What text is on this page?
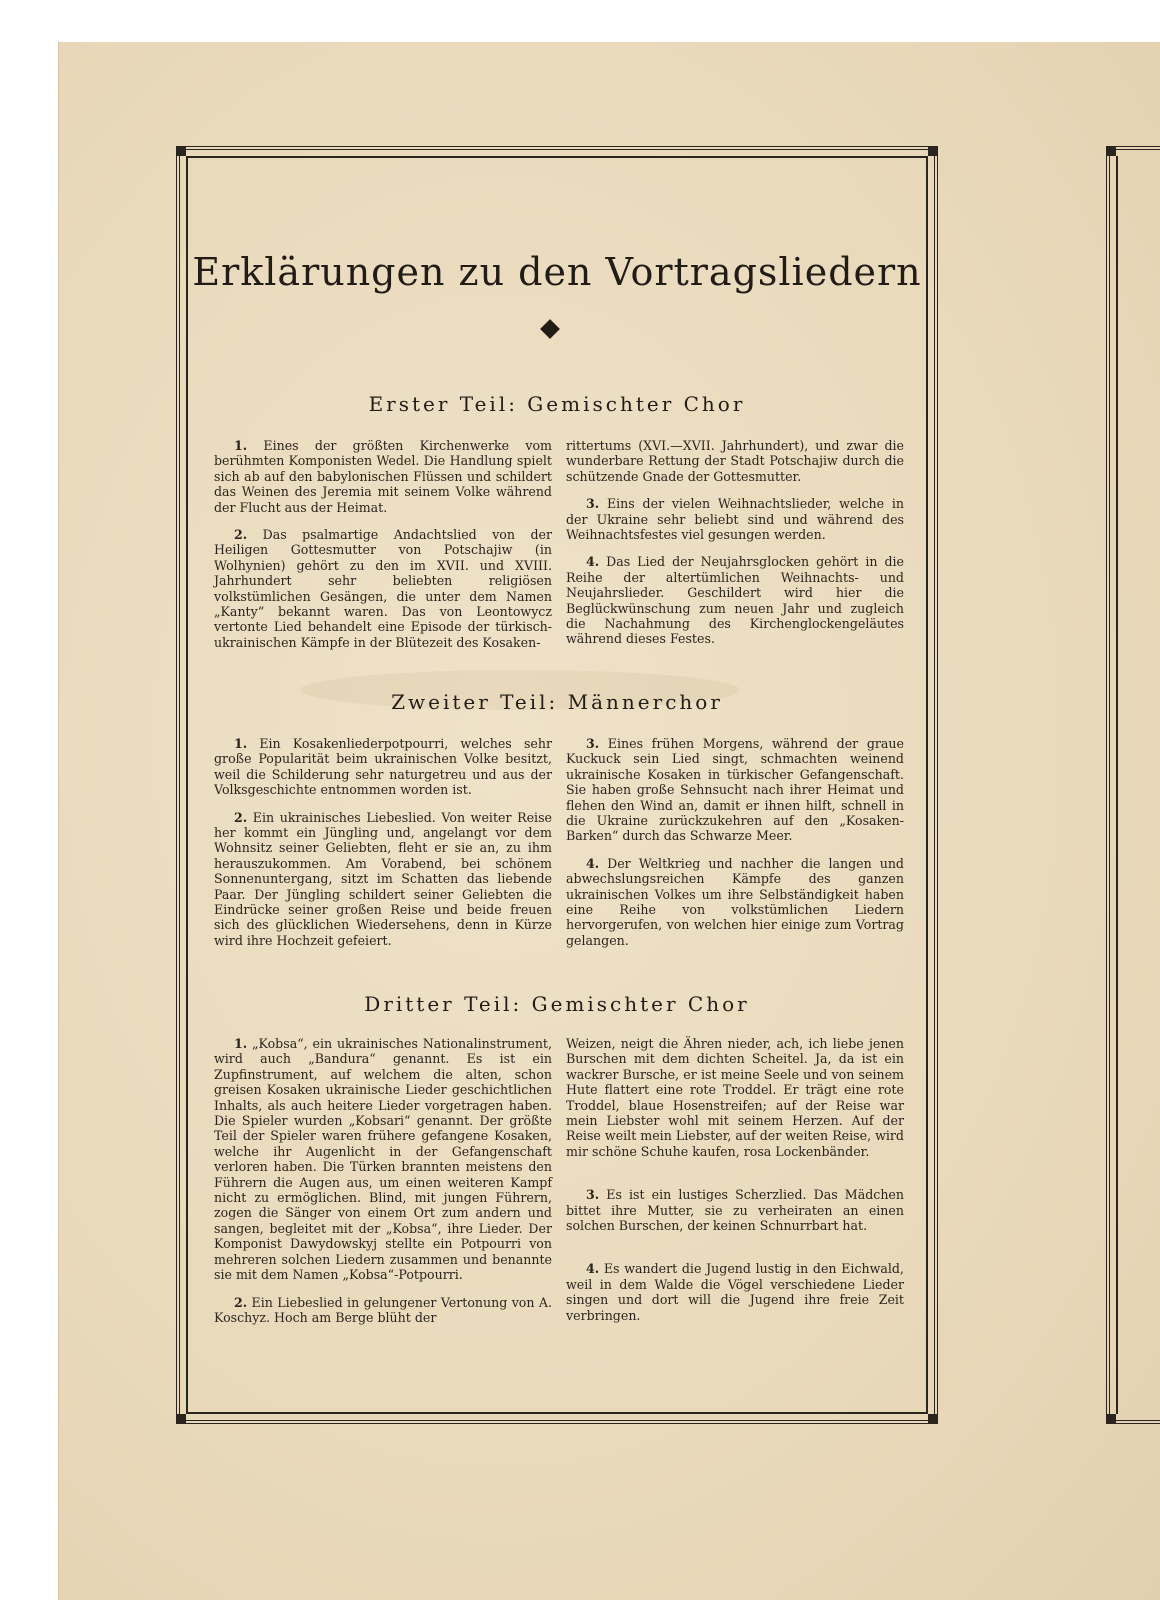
Erklärungen zu den Vortragsliedern
Erster Teil: Gemischter Chor

1. Eines der größten Kirchenwerke vom berühmten Komponisten Wedel. Die Handlung spielt sich ab auf den babylonischen Flüssen und schildert das Weinen des Jeremia mit seinem Volke während der Flucht aus der Heimat.

2. Das psalmartige Andachtslied von der Heiligen Gottesmutter von Potschajiw (in Wolhynien) gehört zu den im XVII. und XVIII. Jahrhundert sehr beliebten religiösen volkstümlichen Gesängen, die unter dem Namen „Kanty“ bekannt waren. Das von Leontowycz vertonte Lied behandelt eine Episode der türkisch-ukrainischen Kämpfe in der Blütezeit des Kosaken-

rittertums (XVI.—XVII. Jahrhundert), und zwar die wunderbare Rettung der Stadt Potschajiw durch die schützende Gnade der Gottesmutter.

3. Eins der vielen Weihnachtslieder, welche in der Ukraine sehr beliebt sind und während des Weihnachtsfestes viel gesungen werden.

4. Das Lied der Neujahrsglocken gehört in die Reihe der altertümlichen Weihnachts- und Neujahrslieder. Geschildert wird hier die Beglückwünschung zum neuen Jahr und zugleich die Nachahmung des Kirchenglockengeläutes während dieses Festes.

Zweiter Teil: Männerchor

1. Ein Kosakenliederpotpourri, welches sehr große Popularität beim ukrainischen Volke besitzt, weil die Schilderung sehr naturgetreu und aus der Volksgeschichte entnommen worden ist.

2. Ein ukrainisches Liebeslied. Von weiter Reise her kommt ein Jüngling und, angelangt vor dem Wohnsitz seiner Geliebten, fleht er sie an, zu ihm herauszukommen. Am Vorabend, bei schönem Sonnenuntergang, sitzt im Schatten das liebende Paar. Der Jüngling schildert seiner Geliebten die Eindrücke seiner großen Reise und beide freuen sich des glücklichen Wiedersehens, denn in Kürze wird ihre Hochzeit gefeiert.

3. Eines frühen Morgens, während der graue Kuckuck sein Lied singt, schmachten weinend ukrainische Kosaken in türkischer Gefangenschaft. Sie haben große Sehnsucht nach ihrer Heimat und flehen den Wind an, damit er ihnen hilft, schnell in die Ukraine zurückzukehren auf den „Kosaken-Barken“ durch das Schwarze Meer.

4. Der Weltkrieg und nachher die langen und abwechslungsreichen Kämpfe des ganzen ukrainischen Volkes um ihre Selbständigkeit haben eine Reihe von volkstümlichen Liedern hervorgerufen, von welchen hier einige zum Vortrag gelangen.

Dritter Teil: Gemischter Chor

1. „Kobsa“, ein ukrainisches Nationalinstrument, wird auch „Bandura“ genannt. Es ist ein Zupfinstrument, auf welchem die alten, schon greisen Kosaken ukrainische Lieder geschichtlichen Inhalts, als auch heitere Lieder vorgetragen haben. Die Spieler wurden „Kobsari“ genannt. Der größte Teil der Spieler waren frühere gefangene Kosaken, welche ihr Augenlicht in der Gefangenschaft verloren haben. Die Türken brannten meistens den Führern die Augen aus, um einen weiteren Kampf nicht zu ermöglichen. Blind, mit jungen Führern, zogen die Sänger von einem Ort zum andern und sangen, begleitet mit der „Kobsa“, ihre Lieder. Der Komponist Dawydowskyj stellte ein Potpourri von mehreren solchen Liedern zusammen und benannte sie mit dem Namen „Kobsa“-Potpourri.

2. Ein Liebeslied in gelungener Vertonung von A. Koschyz. Hoch am Berge blüht der

Weizen, neigt die Ähren nieder, ach, ich liebe jenen Burschen mit dem dichten Scheitel. Ja, da ist ein wackrer Bursche, er ist meine Seele und von seinem Hute flattert eine rote Troddel. Er trägt eine rote Troddel, blaue Hosenstreifen; auf der Reise war mein Liebster wohl mit seinem Herzen. Auf der Reise weilt mein Liebster, auf der weiten Reise, wird mir schöne Schuhe kaufen, rosa Lockenbänder.

3. Es ist ein lustiges Scherzlied. Das Mädchen bittet ihre Mutter, sie zu verheiraten an einen solchen Burschen, der keinen Schnurrbart hat.

4. Es wandert die Jugend lustig in den Eichwald, weil in dem Walde die Vögel verschiedene Lieder singen und dort will die Jugend ihre freie Zeit verbringen.
